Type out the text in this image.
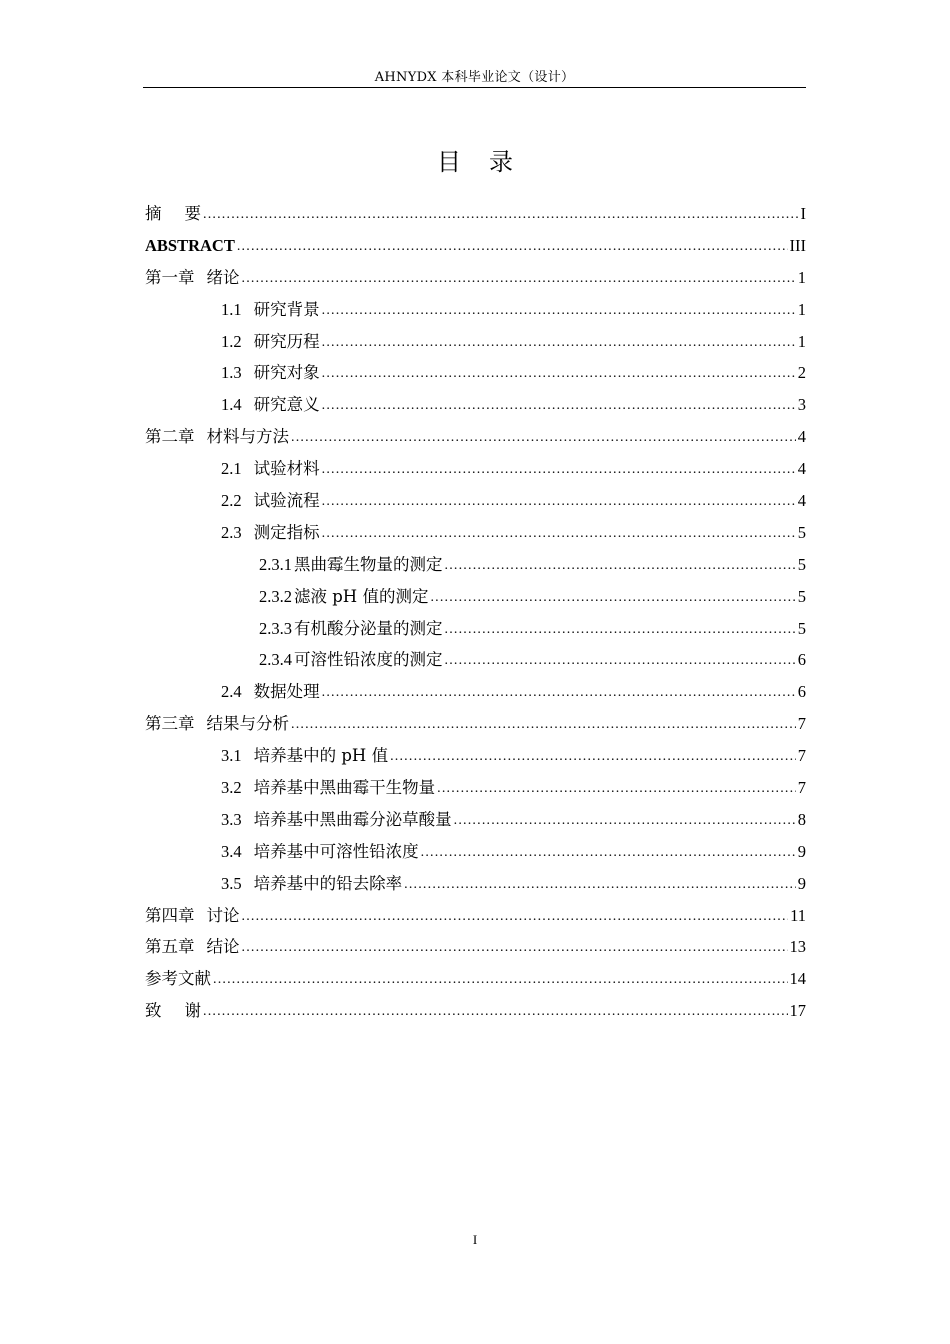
AHNYDX 本科毕业论文（设计）
目录
摘要 .....	I
ABSTRACT .....	III
第一章 绪论 .....	1
1.1 研究背景 .....	1
1.2 研究历程 .....	1
1.3 研究对象 .....	2
1.4 研究意义 .....	3
第二章 材料与方法 .....	4
2.1 试验材料 .....	4
2.2 试验流程 .....	4
2.3 测定指标 .....	5
2.3.1 黑曲霉生物量的测定 .....	5
2.3.2 滤液 pH 值的测定 .....	5
2.3.3 有机酸分泌量的测定 .....	5
2.3.4 可溶性铅浓度的测定 .....	6
2.4 数据处理 .....	6
第三章 结果与分析 .....	7
3.1 培养基中的 pH 值 .....	7
3.2 培养基中黑曲霉干生物量 .....	7
3.3 培养基中黑曲霉分泌草酸量 .....	8
3.4 培养基中可溶性铅浓度 .....	9
3.5 培养基中的铅去除率 .....	9
第四章 讨论 .....	11
第五章 结论 .....	13
参考文献 .....	14
致谢 .....	17
I
